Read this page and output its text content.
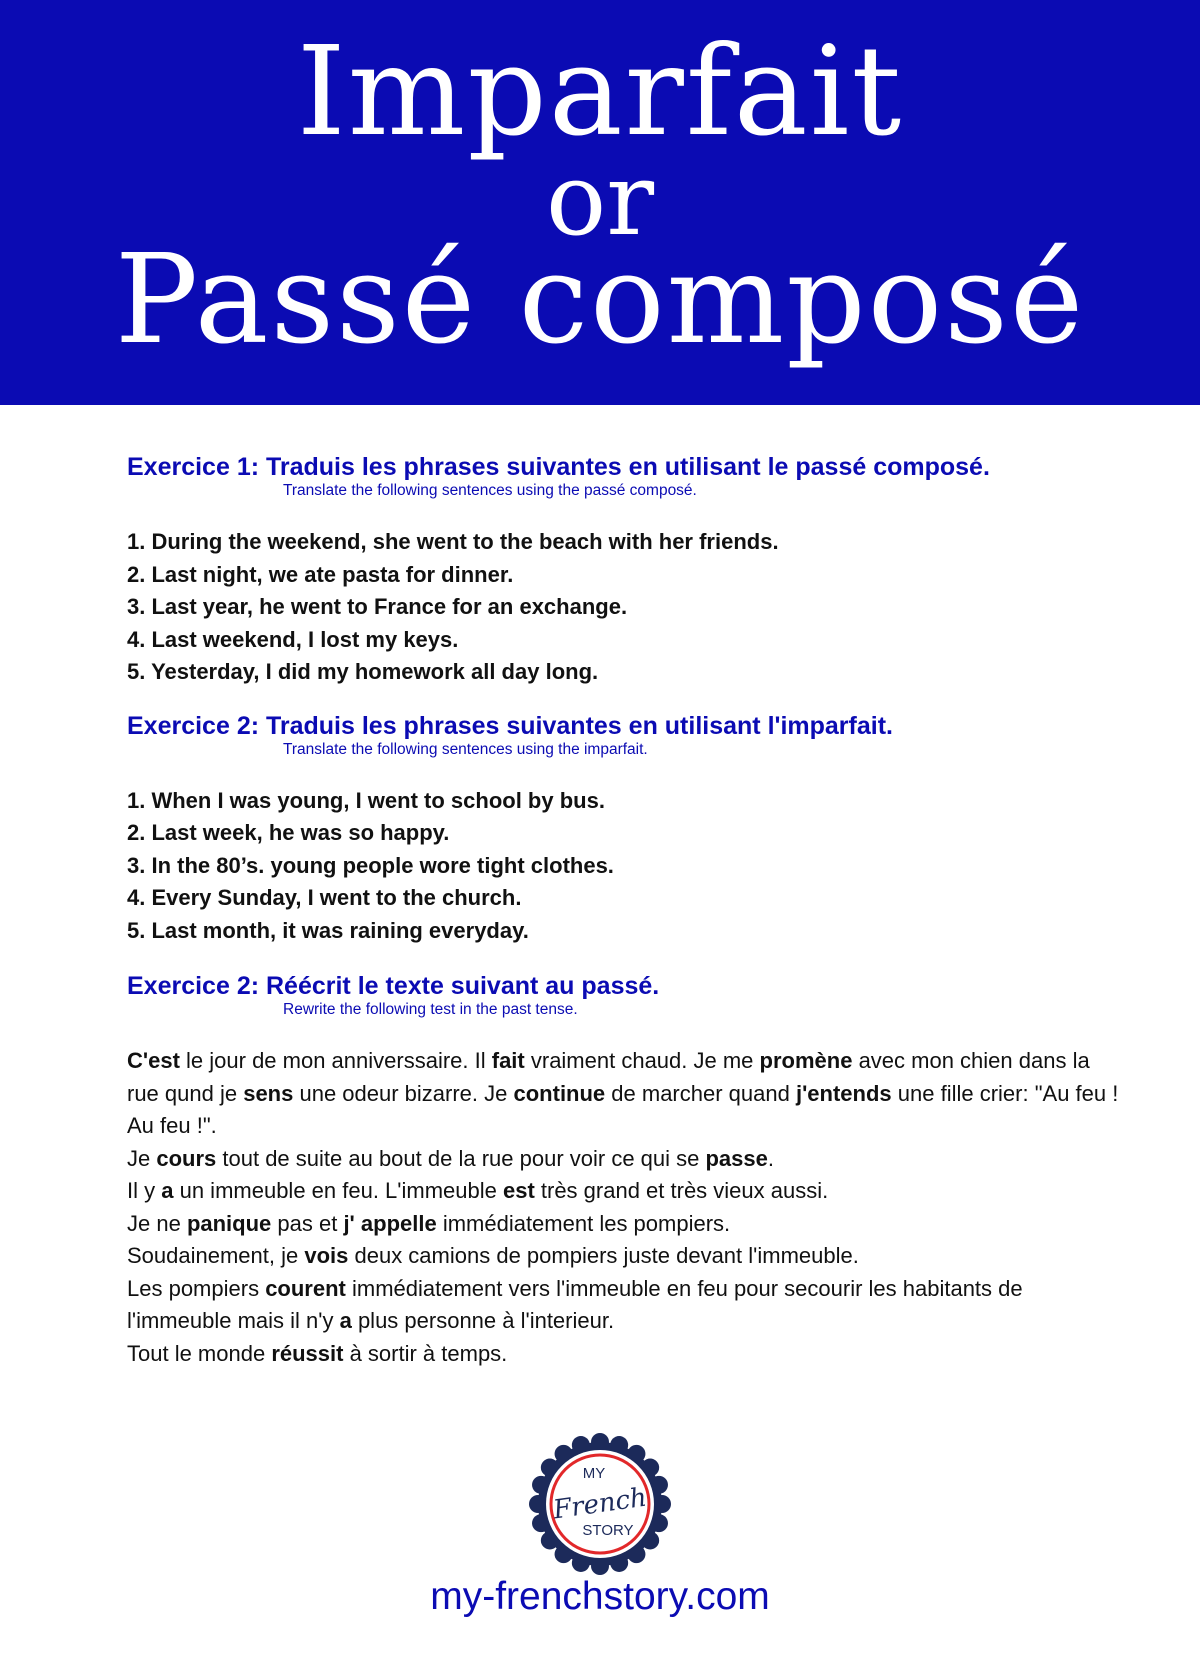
Imparfait
or
Passé composé
Exercice 1: Traduis les phrases suivantes en utilisant le passé composé.
Translate the following sentences using the passé composé.
1. During the weekend, she went to the beach with her friends.
2. Last night, we ate pasta for dinner.
3. Last year, he went to France for an exchange.
4. Last weekend, I lost my keys.
5. Yesterday, I did my homework all day long.
Exercice 2: Traduis les phrases suivantes en utilisant l'imparfait.
Translate the following sentences using the imparfait.
1. When I was young, I went to school by bus.
2. Last week, he was so happy.
3. In the 80’s. young people wore tight clothes.
4. Every Sunday, I went to the church.
5. Last month, it was raining everyday.
Exercice 2: Réécrit le texte suivant au passé.
Rewrite the following test in the past tense.

C'est le jour de mon anniverssaire. Il fait vraiment chaud. Je me promène avec mon chien dans la rue qund je sens une odeur bizarre. Je continue de marcher quand j'entends une fille crier: "Au feu ! Au feu !".

Je cours tout de suite au bout de la rue pour voir ce qui se passe.

Il y a un immeuble en feu. L'immeuble est très grand et très vieux aussi.

Je ne panique pas et j' appelle immédiatement les pompiers.

Soudainement, je vois deux camions de pompiers juste devant l'immeuble.

Les pompiers courent immédiatement vers l'immeuble en feu pour secourir les habitants de l'immeuble mais il n'y a plus personne à l'interieur.

Tout le monde réussit à sortir à temps.

MY
French
STORY
my-frenchstory.com
